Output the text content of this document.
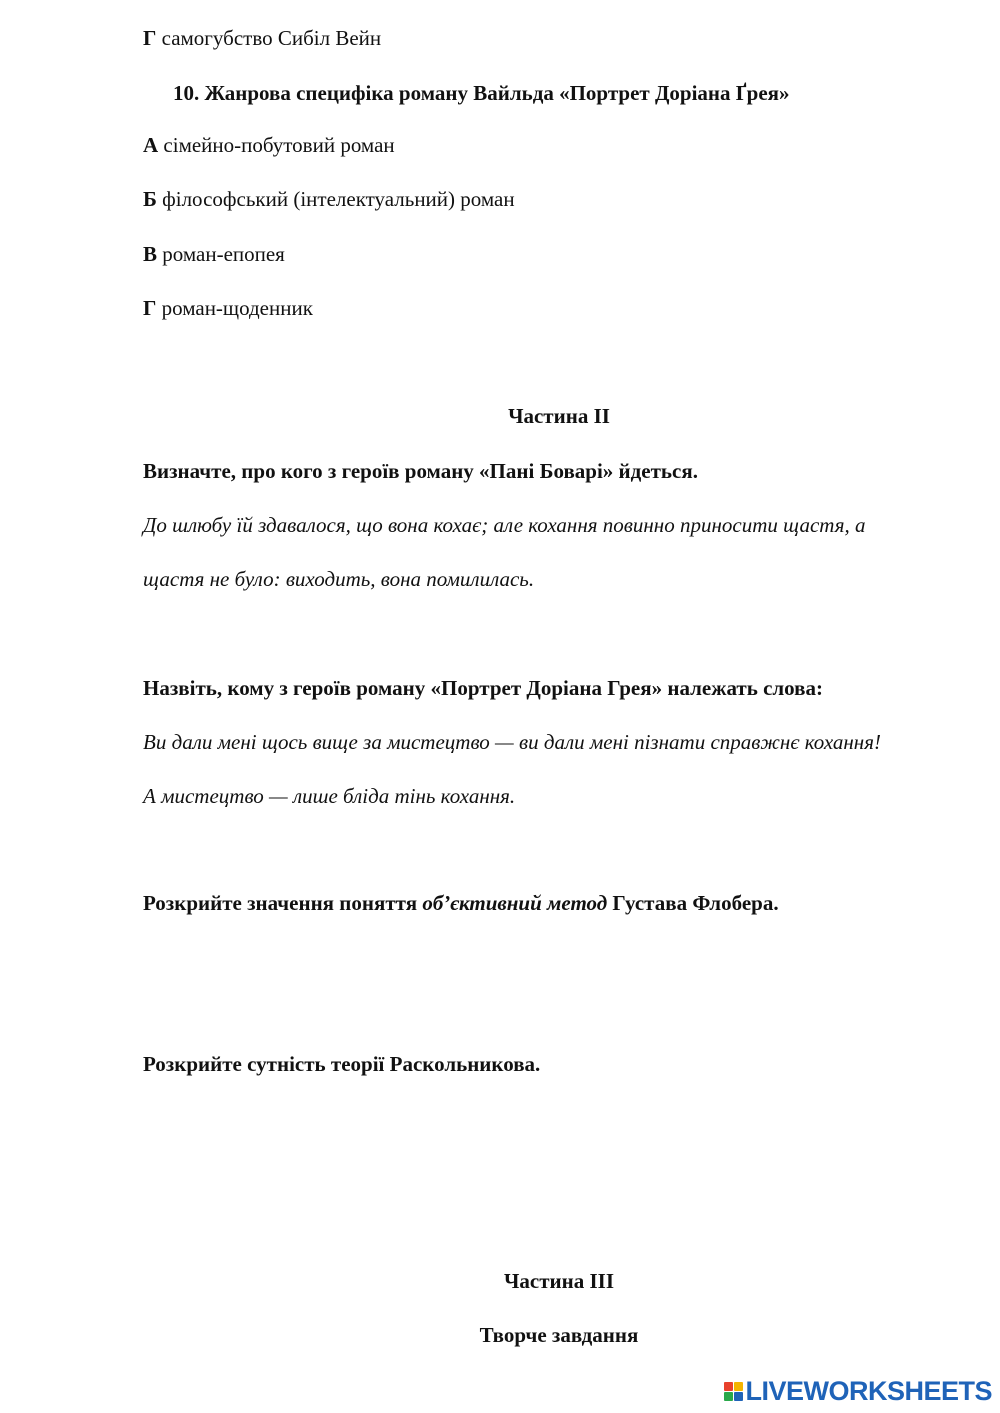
Г самогубство Сибіл Вейн
10. Жанрова специфіка роману Вайльда «Портрет Доріана Ґрея»
А сімейно-побутовий роман
Б філософський (інтелектуальний) роман
В роман-епопея
Г роман-щоденник
Частина ІІ
Визначте, про кого з героїв роману «Пані Боварі» йдеться.
До шлюбу їй здавалося, що вона кохає; але кохання повинно приносити щастя, а
щастя не було: виходить, вона помилилась.
Назвіть, кому з героїв роману «Портрет Доріана Грея» належать слова:
Ви дали мені щось вище за мистецтво — ви дали мені пізнати справжнє кохання!
А мистецтво — лише бліда тінь кохання.
Розкрийте значення поняття об’єктивний метод Густава Флобера.
Розкрийте сутність теорії Раскольникова.
Частина ІІІ
Творче завдання
LIVEWORKSHEETS
